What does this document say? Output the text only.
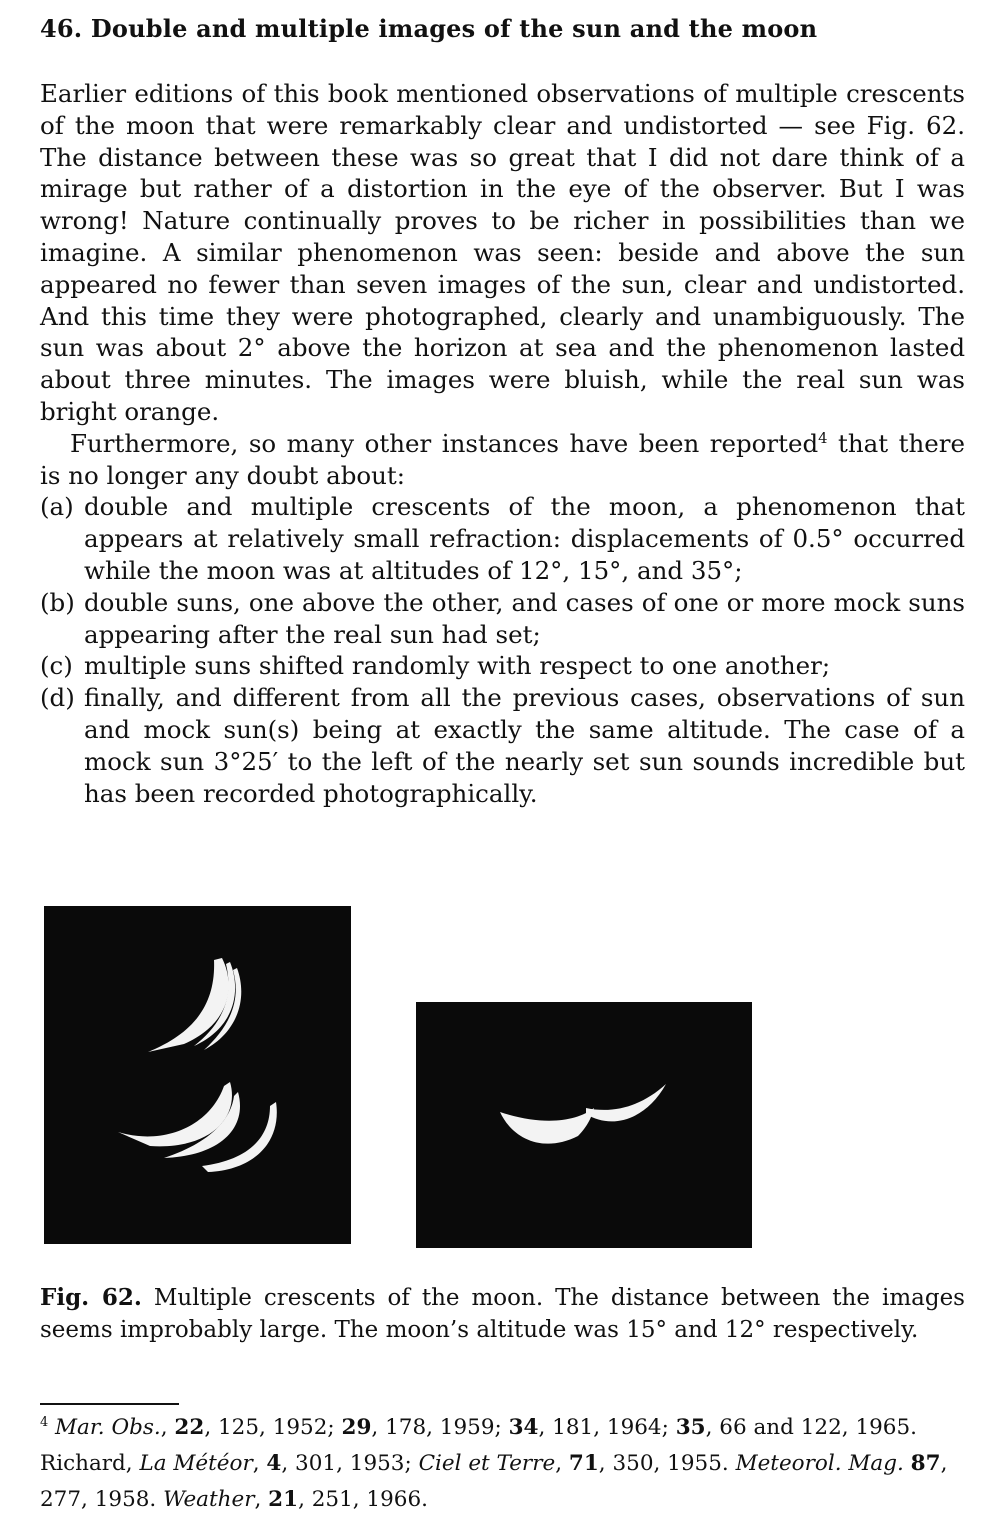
46. Double and multiple images of the sun and the moon

Earlier editions of this book mentioned observations of multiple crescents of the moon that were remarkably clear and undistorted — see Fig. 62. The distance between these was so great that I did not dare think of a mirage but rather of a distortion in the eye of the observer. But I was wrong! Nature continually proves to be richer in possibilities than we imagine. A similar phenomenon was seen: beside and above the sun appeared no fewer than seven images of the sun, clear and undistorted. And this time they were photographed, clearly and unambiguously. The sun was about 2° above the horizon at sea and the phenomenon lasted about three minutes. The images were bluish, while the real sun was bright orange.

Furthermore, so many other instances have been reported$^4$ that there is no longer any doubt about:

(a) double and multiple crescents of the moon, a phenomenon that appears at relatively small refraction: displacements of 0.5° occurred while the moon was at altitudes of 12°, 15°, and 35°;
(b) double suns, one above the other, and cases of one or more mock suns appearing after the real sun had set;
(c) multiple suns shifted randomly with respect to one another;
(d) finally, and different from all the previous cases, observations of sun and mock sun(s) being at exactly the same altitude. The case of a mock sun 3°25′ to the left of the nearly set sun sounds incredible but has been recorded photographically.

Fig. 62. Multiple crescents of the moon. The distance between the images seems improbably large. The moon’s altitude was 15° and 12° respectively.

$^4$ Mar. Obs., 22, 125, 1952; 29, 178, 1959; 34, 181, 1964; 35, 66 and 122, 1965. Richard, La Météor, 4, 301, 1953; Ciel et Terre, 71, 350, 1955. Meteorol. Mag. 87, 277, 1958. Weather, 21, 251, 1966.
